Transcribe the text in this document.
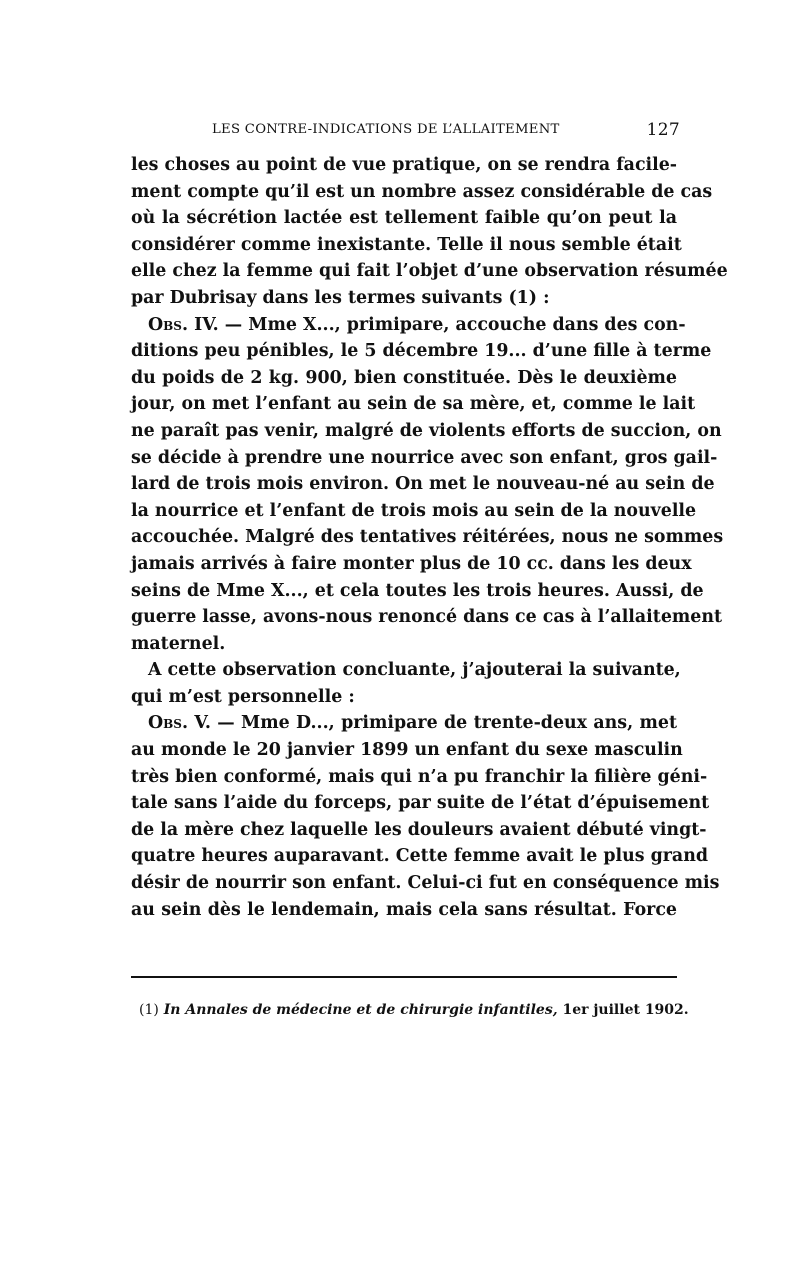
LES CONTRE-INDICATIONS DE L’ALLAITEMENT	127
les choses au point de vue pratique, on se rendra facile-
ment compte qu’il est un nombre assez considérable de cas
où la sécrétion lactée est tellement faible qu’on peut la
considérer comme inexistante. Telle il nous semble était
elle chez la femme qui fait l’objet d’une observation résumée
par Dubrisay dans les termes suivants (1) :
Obs. IV. — Mme X..., primipare, accouche dans des con-
ditions peu pénibles, le 5 décembre 19... d’une fille à terme
du poids de 2 kg. 900, bien constituée. Dès le deuxième
jour, on met l’enfant au sein de sa mère, et, comme le lait
ne paraît pas venir, malgré de violents efforts de succion, on
se décide à prendre une nourrice avec son enfant, gros gail-
lard de trois mois environ. On met le nouveau-né au sein de
la nourrice et l’enfant de trois mois au sein de la nouvelle
accouchée. Malgré des tentatives réitérées, nous ne sommes
jamais arrivés à faire monter plus de 10 cc. dans les deux
seins de Mme X..., et cela toutes les trois heures. Aussi, de
guerre lasse, avons-nous renoncé dans ce cas à l’allaitement
maternel.
A cette observation concluante, j’ajouterai la suivante,
qui m’est personnelle :
Obs. V. — Mme D..., primipare de trente-deux ans, met
au monde le 20 janvier 1899 un enfant du sexe masculin
très bien conformé, mais qui n’a pu franchir la filière géni-
tale sans l’aide du forceps, par suite de l’état d’épuisement
de la mère chez laquelle les douleurs avaient débuté vingt-
quatre heures auparavant. Cette femme avait le plus grand
désir de nourrir son enfant. Celui-ci fut en conséquence mis
au sein dès le lendemain, mais cela sans résultat. Force
(1) In Annales de médecine et de chirurgie infantiles, 1er juillet 1902.
